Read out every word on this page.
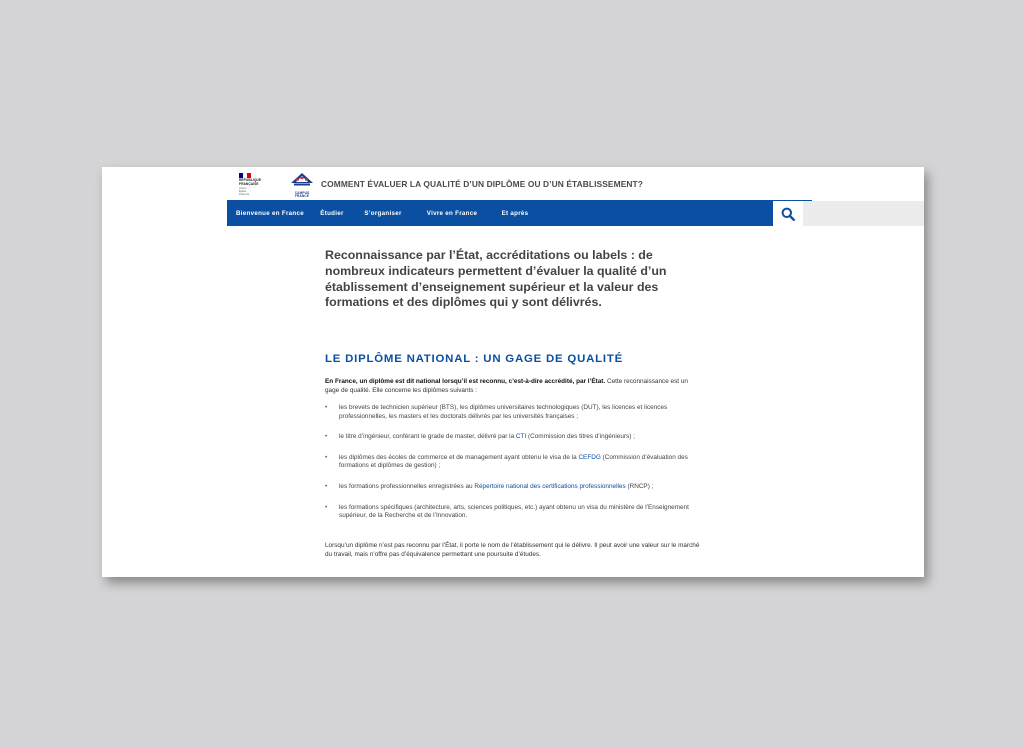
RÉPUBLIQUE
FRANÇAISE
Liberté
Égalité
Fraternité	CAMPUS
FRANCE
COMMENT ÉVALUER LA QUALITÉ D’UN DIPLÔME OU D’UN ÉTABLISSEMENT?
Bienvenue en France	Étudier	S’organiser	Vivre en France	Et après
Reconnaissance par l’État, accréditations ou labels : de nombreux indicateurs permettent d’évaluer la qualité d’un établissement d’enseignement supérieur et la valeur des formations et des diplômes qui y sont délivrés.
LE DIPLÔME NATIONAL : UN GAGE DE QUALITÉ

En France, un diplôme est dit national lorsqu’il est reconnu, c’est-à-dire accrédité, par l’État. Cette reconnaissance est un gage de qualité. Elle concerne les diplômes suivants :

• les brevets de technicien supérieur (BTS), les diplômes universitaires technologiques (DUT), les licences et licences professionnelles, les masters et les doctorats délivrés par les universités françaises ;
• le titre d’ingénieur, conférant le grade de master, délivré par la CTI (Commission des titres d’ingénieurs) ;
• les diplômes des écoles de commerce et de management ayant obtenu le visa de la CEFDG (Commission d’évaluation des formations et diplômes de gestion) ;
• les formations professionnelles enregistrées au Répertoire national des certifications professionnelles (RNCP) ;
• les formations spécifiques (architecture, arts, sciences politiques, etc.) ayant obtenu un visa du ministère de l’Enseignement supérieur, de la Recherche et de l’Innovation.

Lorsqu’un diplôme n’est pas reconnu par l’État, il porte le nom de l’établissement qui le délivre. Il peut avoir une valeur sur le marché du travail, mais n’offre pas d’équivalence permettant une poursuite d’études.
